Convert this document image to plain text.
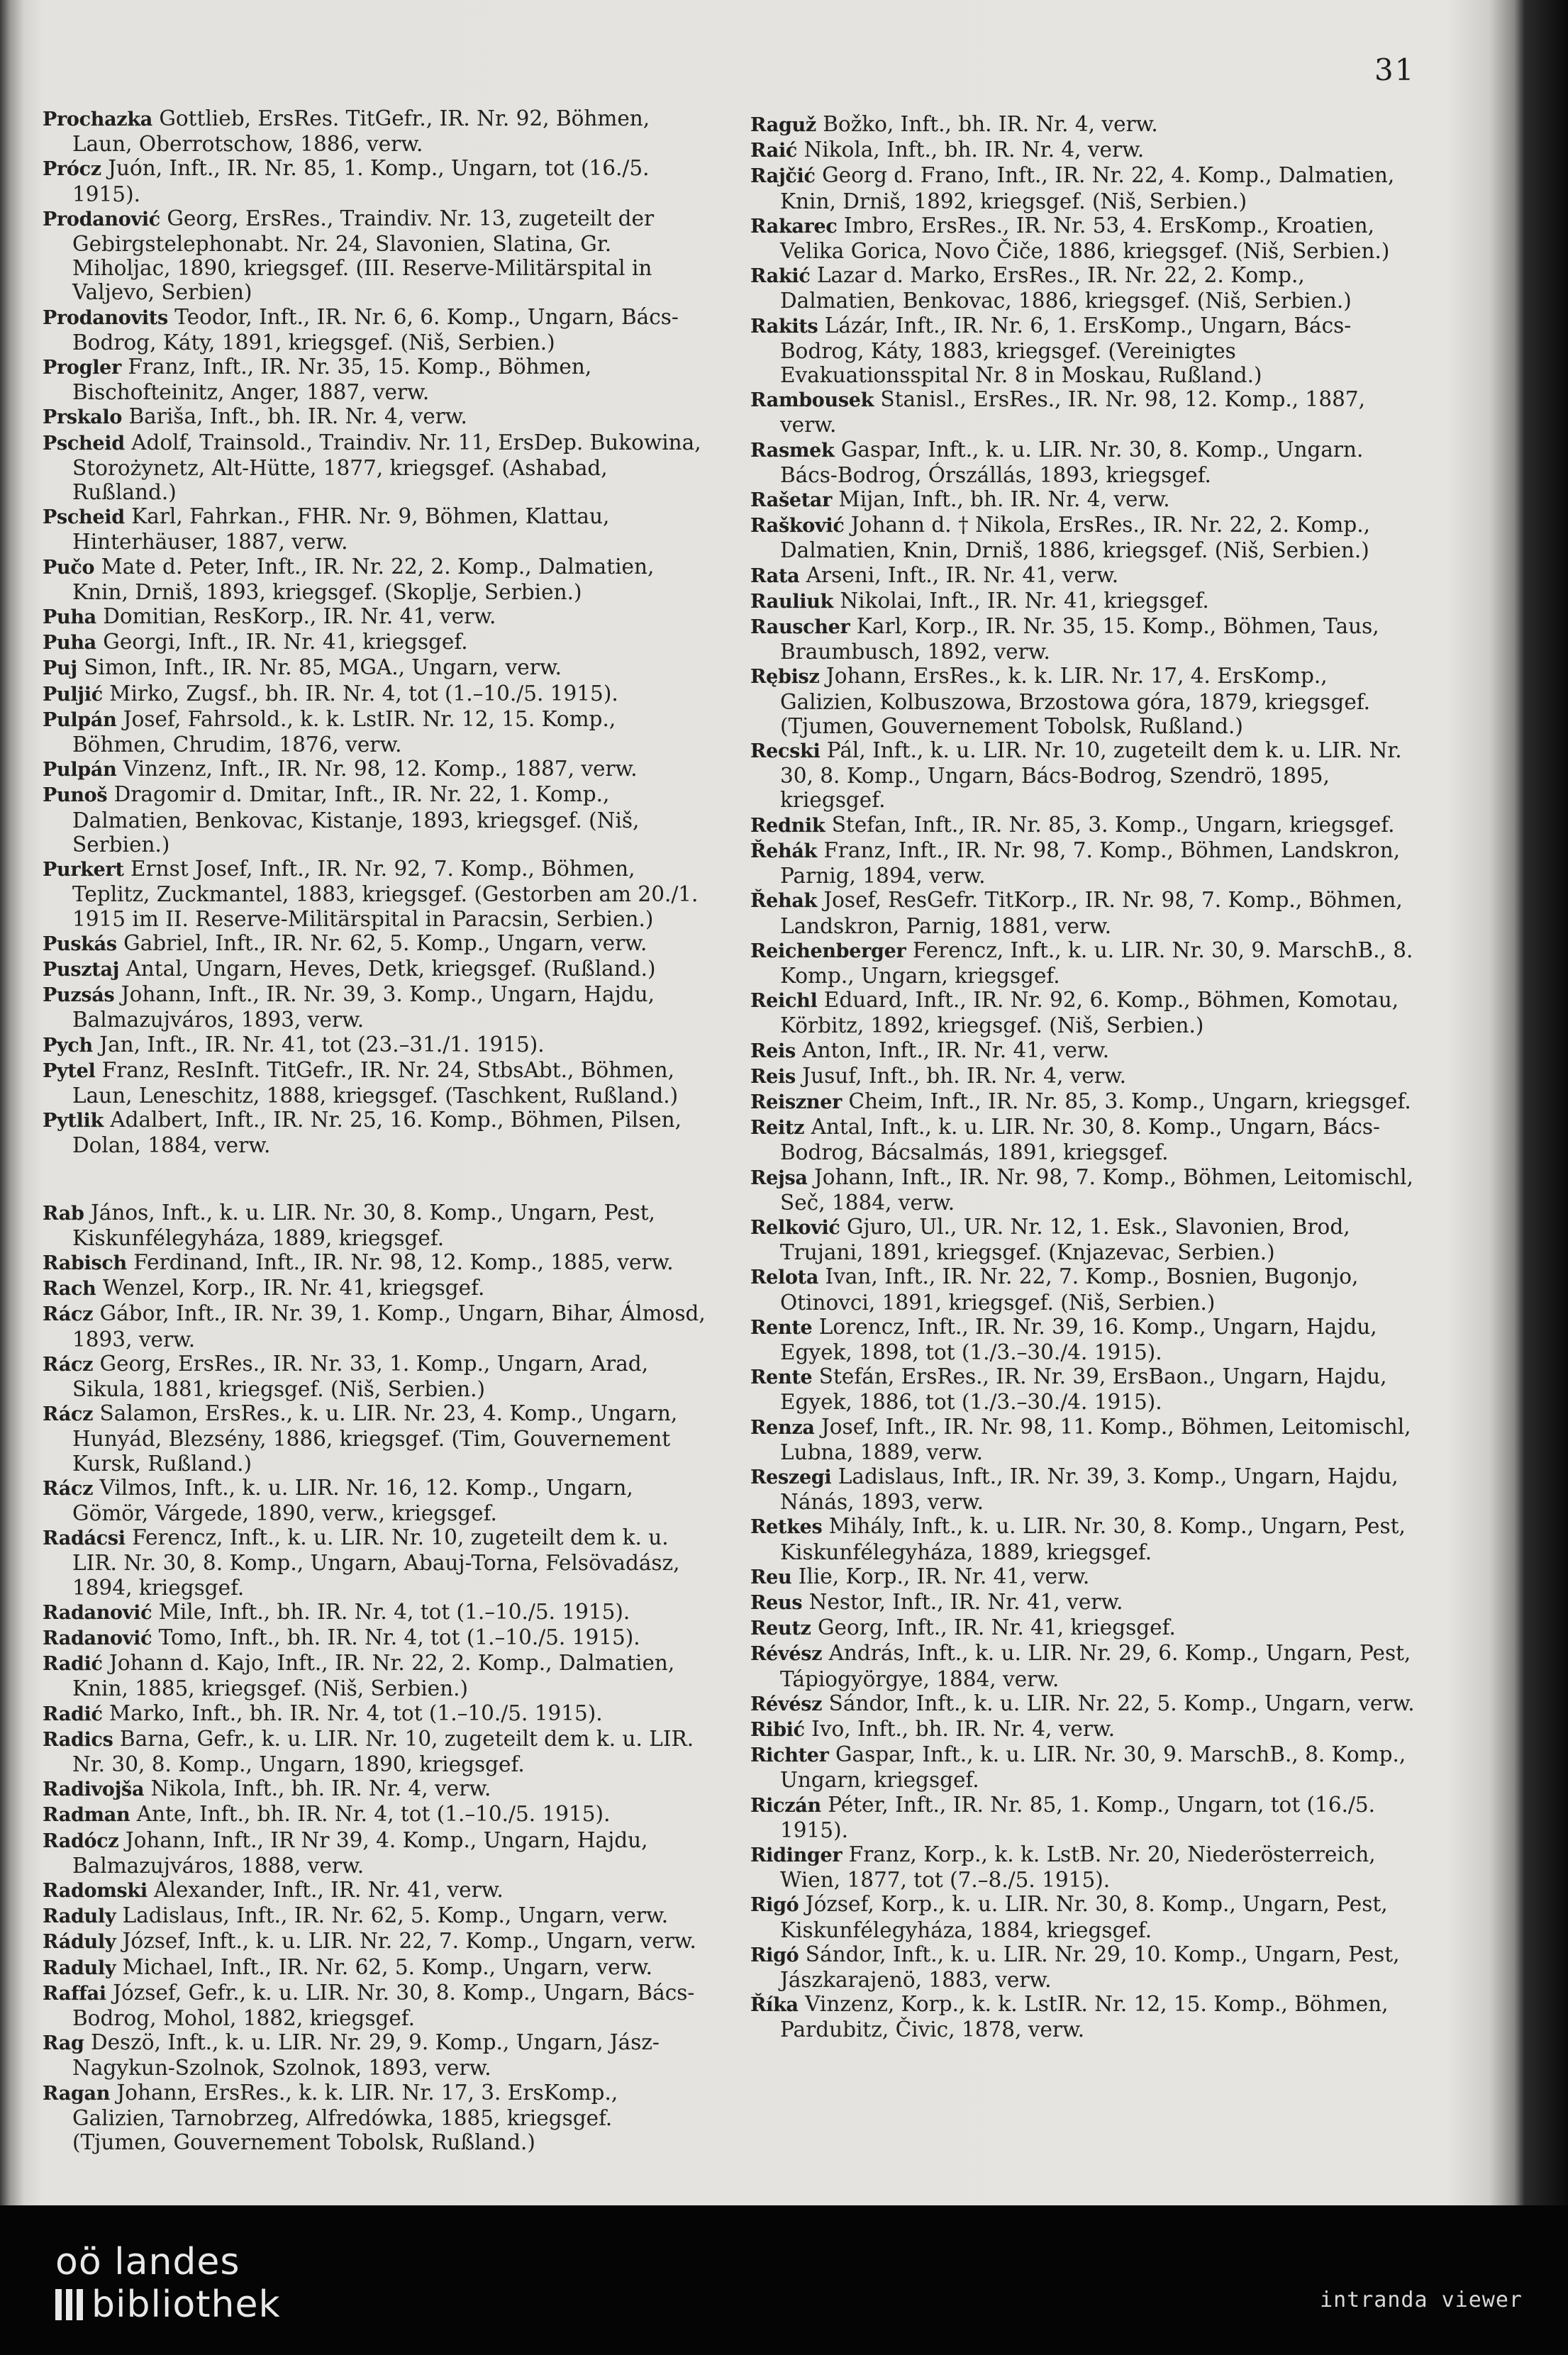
31

Prochazka Gottlieb, ErsRes. TitGefr., IR. Nr. 92, Böhmen, Laun, Oberrotschow, 1886, verw.

Prócz Juón, Inft., IR. Nr. 85, 1. Komp., Ungarn, tot (16./5. 1915).

Prodanović Georg, ErsRes., Traindiv. Nr. 13, zugeteilt der Gebirgstelephonabt. Nr. 24, Slavonien, Slatina, Gr. Miholjac, 1890, kriegsgef. (III. Reserve-Militärspital in Valjevo, Serbien)

Prodanovits Teodor, Inft., IR. Nr. 6, 6. Komp., Ungarn, Bács-Bodrog, Káty, 1891, kriegsgef. (Niš, Serbien.)

Progler Franz, Inft., IR. Nr. 35, 15. Komp., Böhmen, Bischofteinitz, Anger, 1887, verw.

Prskalo Bariša, Inft., bh. IR. Nr. 4, verw.

Pscheid Adolf, Trainsold., Traindiv. Nr. 11, ErsDep. Bukowina, Storożynetz, Alt-Hütte, 1877, kriegsgef. (Ashabad, Rußland.)

Pscheid Karl, Fahrkan., FHR. Nr. 9, Böhmen, Klattau, Hinterhäuser, 1887, verw.

Pučo Mate d. Peter, Inft., IR. Nr. 22, 2. Komp., Dalmatien, Knin, Drniš, 1893, kriegsgef. (Skoplje, Serbien.)

Puha Domitian, ResKorp., IR. Nr. 41, verw.

Puha Georgi, Inft., IR. Nr. 41, kriegsgef.

Puj Simon, Inft., IR. Nr. 85, MGA., Ungarn, verw.

Puljić Mirko, Zugsf., bh. IR. Nr. 4, tot (1.–10./5. 1915).

Pulpán Josef, Fahrsold., k. k. LstIR. Nr. 12, 15. Komp., Böhmen, Chrudim, 1876, verw.

Pulpán Vinzenz, Inft., IR. Nr. 98, 12. Komp., 1887, verw.

Punoš Dragomir d. Dmitar, Inft., IR. Nr. 22, 1. Komp., Dalmatien, Benkovac, Kistanje, 1893, kriegsgef. (Niš, Serbien.)

Purkert Ernst Josef, Inft., IR. Nr. 92, 7. Komp., Böhmen, Teplitz, Zuckmantel, 1883, kriegsgef. (Gestorben am 20./1. 1915 im II. Reserve-Militärspital in Paracsin, Serbien.)

Puskás Gabriel, Inft., IR. Nr. 62, 5. Komp., Ungarn, verw.

Pusztaj Antal, Ungarn, Heves, Detk, kriegsgef. (Rußland.)

Puzsás Johann, Inft., IR. Nr. 39, 3. Komp., Ungarn, Hajdu, Balmazujváros, 1893, verw.

Pych Jan, Inft., IR. Nr. 41, tot (23.–31./1. 1915).

Pytel Franz, ResInft. TitGefr., IR. Nr. 24, StbsAbt., Böhmen, Laun, Leneschitz, 1888, kriegsgef. (Taschkent, Rußland.)

Pytlik Adalbert, Inft., IR. Nr. 25, 16. Komp., Böhmen, Pilsen, Dolan, 1884, verw.

Rab János, Inft., k. u. LIR. Nr. 30, 8. Komp., Ungarn, Pest, Kiskunfélegyháza, 1889, kriegsgef.

Rabisch Ferdinand, Inft., IR. Nr. 98, 12. Komp., 1885, verw.

Rach Wenzel, Korp., IR. Nr. 41, kriegsgef.

Rácz Gábor, Inft., IR. Nr. 39, 1. Komp., Ungarn, Bihar, Álmosd, 1893, verw.

Rácz Georg, ErsRes., IR. Nr. 33, 1. Komp., Ungarn, Arad, Sikula, 1881, kriegsgef. (Niš, Serbien.)

Rácz Salamon, ErsRes., k. u. LIR. Nr. 23, 4. Komp., Ungarn, Hunyád, Blezsény, 1886, kriegsgef. (Tim, Gouvernement Kursk, Rußland.)

Rácz Vilmos, Inft., k. u. LIR. Nr. 16, 12. Komp., Ungarn, Gömör, Várgede, 1890, verw., kriegsgef.

Radácsi Ferencz, Inft., k. u. LIR. Nr. 10, zugeteilt dem k. u. LIR. Nr. 30, 8. Komp., Ungarn, Abauj-Torna, Felsövadász, 1894, kriegsgef.

Radanović Mile, Inft., bh. IR. Nr. 4, tot (1.–10./5. 1915).

Radanović Tomo, Inft., bh. IR. Nr. 4, tot (1.–10./5. 1915).

Radić Johann d. Kajo, Inft., IR. Nr. 22, 2. Komp., Dalmatien, Knin, 1885, kriegsgef. (Niš, Serbien.)

Radić Marko, Inft., bh. IR. Nr. 4, tot (1.–10./5. 1915).

Radics Barna, Gefr., k. u. LIR. Nr. 10, zugeteilt dem k. u. LIR. Nr. 30, 8. Komp., Ungarn, 1890, kriegsgef.

Radivojša Nikola, Inft., bh. IR. Nr. 4, verw.

Radman Ante, Inft., bh. IR. Nr. 4, tot (1.–10./5. 1915).

Radócz Johann, Inft., IR Nr 39, 4. Komp., Ungarn, Hajdu, Balmazujváros, 1888, verw.

Radomski Alexander, Inft., IR. Nr. 41, verw.

Raduly Ladislaus, Inft., IR. Nr. 62, 5. Komp., Ungarn, verw.

Ráduly József, Inft., k. u. LIR. Nr. 22, 7. Komp., Ungarn, verw.

Raduly Michael, Inft., IR. Nr. 62, 5. Komp., Ungarn, verw.

Raffai József, Gefr., k. u. LIR. Nr. 30, 8. Komp., Ungarn, Bács-Bodrog, Mohol, 1882, kriegsgef.

Rag Deszö, Inft., k. u. LIR. Nr. 29, 9. Komp., Ungarn, Jász-Nagykun-Szolnok, Szolnok, 1893, verw.

Ragan Johann, ErsRes., k. k. LIR. Nr. 17, 3. ErsKomp., Galizien, Tarnobrzeg, Alfredówka, 1885, kriegsgef. (Tjumen, Gouvernement Tobolsk, Rußland.)

Raguž Božko, Inft., bh. IR. Nr. 4, verw.

Raić Nikola, Inft., bh. IR. Nr. 4, verw.

Rajčić Georg d. Frano, Inft., IR. Nr. 22, 4. Komp., Dalmatien, Knin, Drniš, 1892, kriegsgef. (Niš, Serbien.)

Rakarec Imbro, ErsRes., IR. Nr. 53, 4. ErsKomp., Kroatien, Velika Gorica, Novo Čiče, 1886, kriegsgef. (Niš, Serbien.)

Rakić Lazar d. Marko, ErsRes., IR. Nr. 22, 2. Komp., Dalmatien, Benkovac, 1886, kriegsgef. (Niš, Serbien.)

Rakits Lázár, Inft., IR. Nr. 6, 1. ErsKomp., Ungarn, Bács-Bodrog, Káty, 1883, kriegsgef. (Vereinigtes Evakuationsspital Nr. 8 in Moskau, Rußland.)

Rambousek Stanisl., ErsRes., IR. Nr. 98, 12. Komp., 1887, verw.

Rasmek Gaspar, Inft., k. u. LIR. Nr. 30, 8. Komp., Ungarn. Bács-Bodrog, Órszállás, 1893, kriegsgef.

Rašetar Mijan, Inft., bh. IR. Nr. 4, verw.

Rašković Johann d. † Nikola, ErsRes., IR. Nr. 22, 2. Komp., Dalmatien, Knin, Drniš, 1886, kriegsgef. (Niš, Serbien.)

Rata Arseni, Inft., IR. Nr. 41, verw.

Rauliuk Nikolai, Inft., IR. Nr. 41, kriegsgef.

Rauscher Karl, Korp., IR. Nr. 35, 15. Komp., Böhmen, Taus, Braumbusch, 1892, verw.

Rębisz Johann, ErsRes., k. k. LIR. Nr. 17, 4. ErsKomp., Galizien, Kolbuszowa, Brzostowa góra, 1879, kriegsgef. (Tjumen, Gouvernement Tobolsk, Rußland.)

Recski Pál, Inft., k. u. LIR. Nr. 10, zugeteilt dem k. u. LIR. Nr. 30, 8. Komp., Ungarn, Bács-Bodrog, Szendrö, 1895, kriegsgef.

Rednik Stefan, Inft., IR. Nr. 85, 3. Komp., Ungarn, kriegsgef.

Řehák Franz, Inft., IR. Nr. 98, 7. Komp., Böhmen, Landskron, Parnig, 1894, verw.

Řehak Josef, ResGefr. TitKorp., IR. Nr. 98, 7. Komp., Böhmen, Landskron, Parnig, 1881, verw.

Reichenberger Ferencz, Inft., k. u. LIR. Nr. 30, 9. MarschB., 8. Komp., Ungarn, kriegsgef.

Reichl Eduard, Inft., IR. Nr. 92, 6. Komp., Böhmen, Komotau, Körbitz, 1892, kriegsgef. (Niš, Serbien.)

Reis Anton, Inft., IR. Nr. 41, verw.

Reis Jusuf, Inft., bh. IR. Nr. 4, verw.

Reiszner Cheim, Inft., IR. Nr. 85, 3. Komp., Ungarn, kriegsgef.

Reitz Antal, Inft., k. u. LIR. Nr. 30, 8. Komp., Ungarn, Bács-Bodrog, Bácsalmás, 1891, kriegsgef.

Rejsa Johann, Inft., IR. Nr. 98, 7. Komp., Böhmen, Leitomischl, Seč, 1884, verw.

Relković Gjuro, Ul., UR. Nr. 12, 1. Esk., Slavonien, Brod, Trujani, 1891, kriegsgef. (Knjazevac, Serbien.)

Relota Ivan, Inft., IR. Nr. 22, 7. Komp., Bosnien, Bugonjo, Otinovci, 1891, kriegsgef. (Niš, Serbien.)

Rente Lorencz, Inft., IR. Nr. 39, 16. Komp., Ungarn, Hajdu, Egyek, 1898, tot (1./3.–30./4. 1915).

Rente Stefán, ErsRes., IR. Nr. 39, ErsBaon., Ungarn, Hajdu, Egyek, 1886, tot (1./3.–30./4. 1915).

Renza Josef, Inft., IR. Nr. 98, 11. Komp., Böhmen, Leitomischl, Lubna, 1889, verw.

Reszegi Ladislaus, Inft., IR. Nr. 39, 3. Komp., Ungarn, Hajdu, Nánás, 1893, verw.

Retkes Mihály, Inft., k. u. LIR. Nr. 30, 8. Komp., Ungarn, Pest, Kiskunfélegyháza, 1889, kriegsgef.

Reu Ilie, Korp., IR. Nr. 41, verw.

Reus Nestor, Inft., IR. Nr. 41, verw.

Reutz Georg, Inft., IR. Nr. 41, kriegsgef.

Révész András, Inft., k. u. LIR. Nr. 29, 6. Komp., Ungarn, Pest, Tápiogyörgye, 1884, verw.

Révész Sándor, Inft., k. u. LIR. Nr. 22, 5. Komp., Ungarn, verw.

Ribić Ivo, Inft., bh. IR. Nr. 4, verw.

Richter Gaspar, Inft., k. u. LIR. Nr. 30, 9. MarschB., 8. Komp., Ungarn, kriegsgef.

Riczán Péter, Inft., IR. Nr. 85, 1. Komp., Ungarn, tot (16./5. 1915).

Ridinger Franz, Korp., k. k. LstB. Nr. 20, Niederösterreich, Wien, 1877, tot (7.–8./5. 1915).

Rigó József, Korp., k. u. LIR. Nr. 30, 8. Komp., Ungarn, Pest, Kiskunfélegyháza, 1884, kriegsgef.

Rigó Sándor, Inft., k. u. LIR. Nr. 29, 10. Komp., Ungarn, Pest, Jászkarajenö, 1883, verw.

Říka Vinzenz, Korp., k. k. LstIR. Nr. 12, 15. Komp., Böhmen, Pardubitz, Čivic, 1878, verw.

oö landes
bibliothek	intranda viewer
